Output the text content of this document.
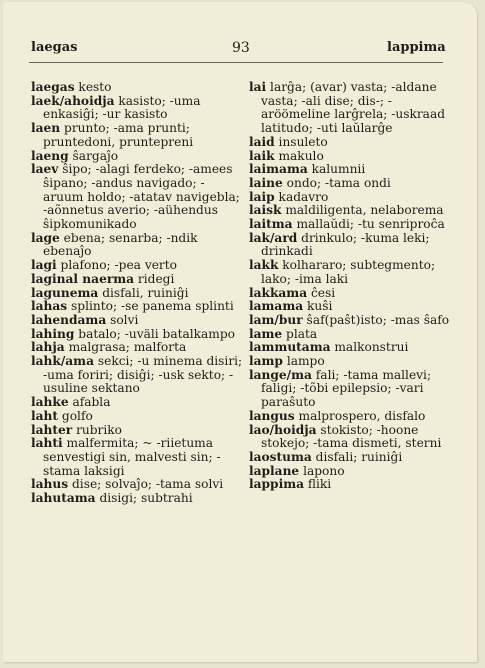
laegas	93	lappima

laegas kesto

laek/ahoidja kasisto; -uma enkasiĝi; -ur kasisto

laen prunto; -ama prunti; pruntedoni, pruntepreni

laeng ŝargaĵo

laev ŝipo; -alagi ferdeko; -amees ŝipano; -andus navigado; -aruum holdo; -atatav navigebla; -aõnnetus averio; -aühendus ŝipkomunikado

lage ebena; senarba; -ndik ebenaĵo

lagi plafono; -pea verto

laginal naerma ridegi

lagunema disfali, ruiniĝi

lahas splinto; -se panema splinti

lahendama solvi

lahing batalo; -uväli batalkampo

lahja malgrasa; malforta

lahk/ama sekci; -u minema disiri; -uma foriri; disiĝi; -usk sekto; -usuline sektano

lahke afabla

laht golfo

lahter rubriko

lahti malfermita; ~ -riietuma senvestigi sin, malvesti sin; -stama laksigi

lahus dise; solvaĵo; -tama solvi

lahutama disigi; subtrahi

lai larĝa; (avar) vasta; -aldane vasta; -ali dise; dis-; -aröömeline larĝrela; -uskraad latitudo; -uti laŭlarĝe

laid insuleto

laik makulo

laimama kalumnii

laine ondo; -tama ondi

laip kadavro

laisk maldiligenta, nelaborema

laitma mallaŭdi; -tu senriproĉa

lak/ard drinkulo; -kuma leki; drinkadi

lakk kolhararo; subtegmento; lako; -ima laki

lakkama ĉesi

lamama kuŝi

lam/bur ŝaf(paŝt)isto; -mas ŝafo

lame plata

lammutama malkonstrui

lamp lampo

lange/ma fali; -tama mallevi; faligi; -tõbi epilepsio; -vari paraŝuto

langus malprospero, disfalo

lao/hoidja stokisto; -hoone stokejo; -tama dismeti, sterni

laostuma disfali; ruiniĝi

laplane lapono

lappima fliki
